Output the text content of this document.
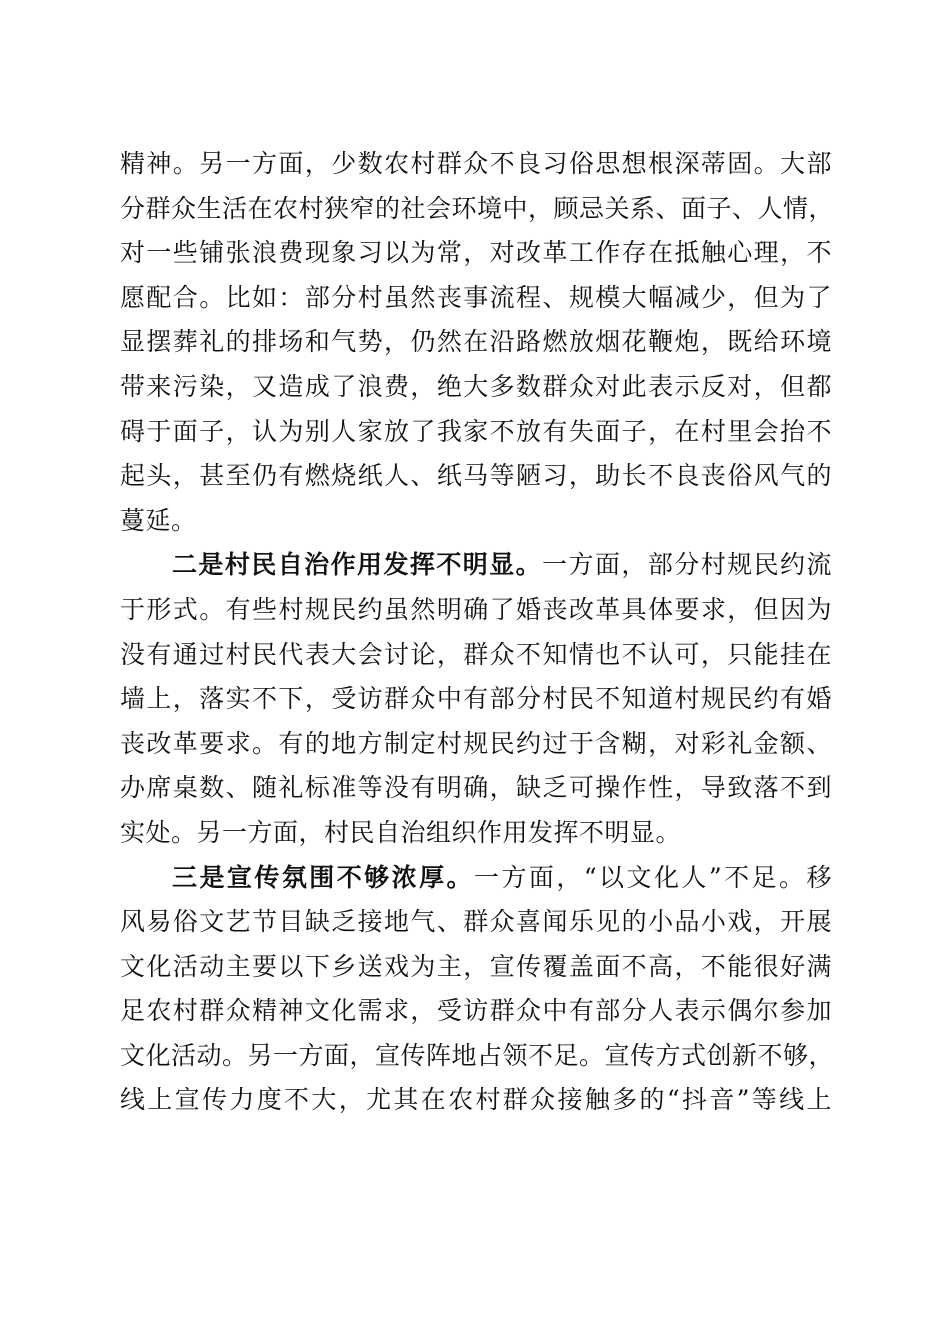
精神。另一方面，少数农村群众不良习俗思想根深蒂固。大部
分群众生活在农村狭窄的社会环境中，顾忌关系、面子、人情，
对一些铺张浪费现象习以为常，对改革工作存在抵触心理，不
愿配合。比如：部分村虽然丧事流程、规模大幅减少，但为了
显摆葬礼的排场和气势，仍然在沿路燃放烟花鞭炮，既给环境
带来污染，又造成了浪费，绝大多数群众对此表示反对，但都
碍于面子，认为别人家放了我家不放有失面子，在村里会抬不
起头，甚至仍有燃烧纸人、纸马等陋习，助长不良丧俗风气的
蔓延。
二是村民自治作用发挥不明显。一方面，部分村规民约流
于形式。有些村规民约虽然明确了婚丧改革具体要求，但因为
没有通过村民代表大会讨论，群众不知情也不认可，只能挂在
墙上，落实不下，受访群众中有部分村民不知道村规民约有婚
丧改革要求。有的地方制定村规民约过于含糊，对彩礼金额、
办席桌数、随礼标准等没有明确，缺乏可操作性，导致落不到
实处。另一方面，村民自治组织作用发挥不明显。
三是宣传氛围不够浓厚。一方面，“以文化人”不足。移
风易俗文艺节目缺乏接地气、群众喜闻乐见的小品小戏，开展
文化活动主要以下乡送戏为主，宣传覆盖面不高，不能很好满
足农村群众精神文化需求，受访群众中有部分人表示偶尔参加
文化活动。另一方面，宣传阵地占领不足。宣传方式创新不够，
线上宣传力度不大，尤其在农村群众接触多的“抖音”等线上
